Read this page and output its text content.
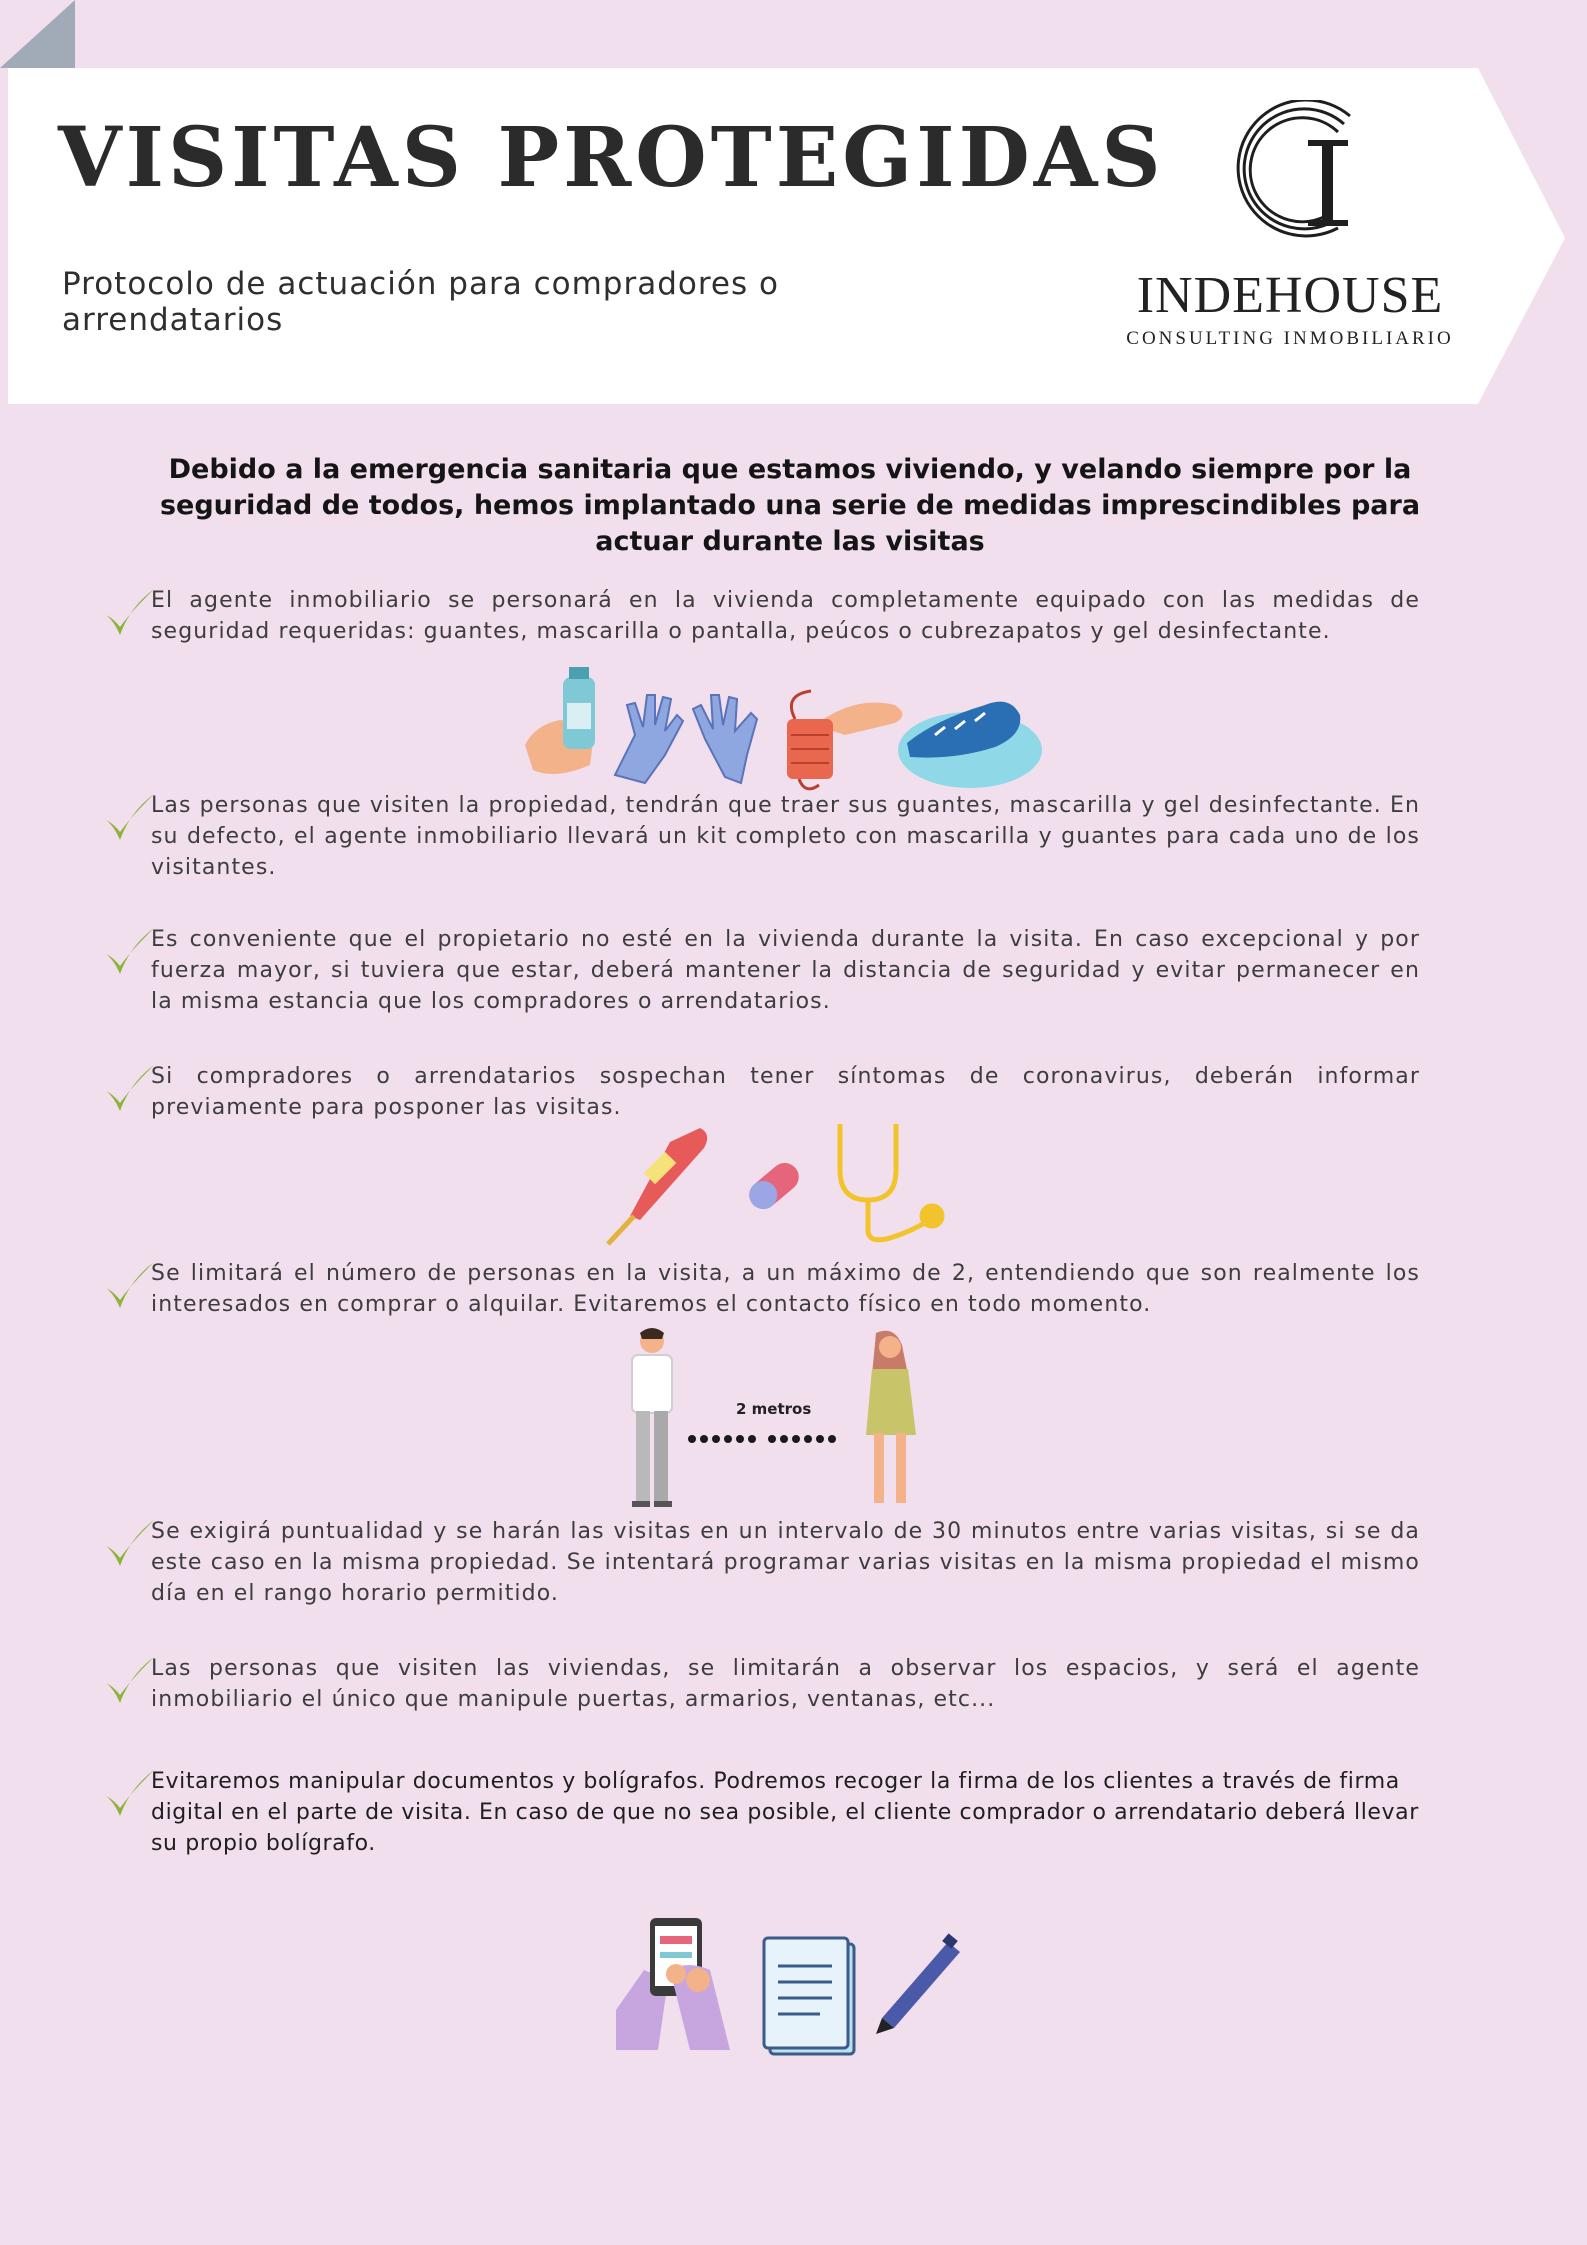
VISITAS PROTEGIDAS
Protocolo de actuación para compradores o arrendatarios	INDEHOUSE
CONSULTING INMOBILIARIO
Debido a la emergencia sanitaria que estamos viviendo, y velando siempre por la seguridad de todos, hemos implantado una serie de medidas imprescindibles para actuar durante las visitas

El agente inmobiliario se personará en la vivienda completamente equipado con las medidas de seguridad requeridas: guantes, mascarilla o pantalla, peúcos o cubrezapatos y gel desinfectante.

Las personas que visiten la propiedad, tendrán que traer sus guantes, mascarilla y gel desinfectante. En su defecto, el agente inmobiliario llevará un kit completo con mascarilla y guantes para cada uno de los visitantes.

Es conveniente que el propietario no esté en la vivienda durante la visita. En caso excepcional y por fuerza mayor, si tuviera que estar, deberá mantener la distancia de seguridad y evitar permanecer en la misma estancia que los compradores o arrendatarios.

Si compradores o arrendatarios sospechan tener síntomas de coronavirus, deberán informar previamente para posponer las visitas.

Se limitará el número de personas en la visita, a un máximo de 2, entendiendo que son realmente los interesados en comprar o alquilar. Evitaremos el contacto físico en todo momento.

Se exigirá puntualidad y se harán las visitas en un intervalo de 30 minutos entre varias visitas, si se da este caso en la misma propiedad. Se intentará programar varias visitas en la misma propiedad el mismo día en el rango horario permitido.

Las personas que visiten las viviendas, se limitarán a observar los espacios, y será el agente inmobiliario el único que manipule puertas, armarios, ventanas, etc...

Evitaremos manipular documentos y bolígrafos. Podremos recoger la firma de los clientes a través de firma digital en el parte de visita. En caso de que no sea posible, el cliente comprador o arrendatario deberá llevar su propio bolígrafo.

2 metros
